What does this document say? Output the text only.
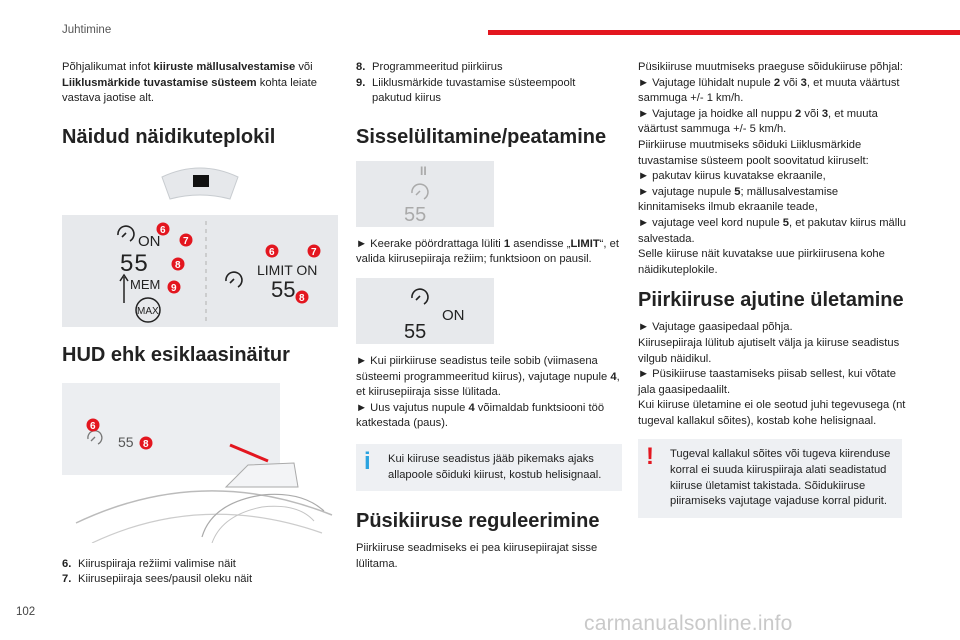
Juhtimine
102	carmanualsonline.info

Põhjalikumat infot kiiruste mällusalvestamise või Liiklusmärkide tuvastamise süsteem kohta leiate vastava jaotise alt.

Näidud näidikuteplokil
ON
55
MEM
MAX
6
7
8
9
LIMIT ON
55
6	7
8
HUD ehk esiklaasinäitur
55
6
8
6. Kiiruspiiraja režiimi valimise näit
7. Kiirusepiiraja sees/pausil oleku näit
8. Programmeeritud piirkiirus
9. Liiklusmärkide tuvastamise süsteempoolt pakutud kiirus
Sisselülitamine/peatamine
II
55

► Keerake pöördrattaga lüliti 1 asendisse „LIMIT“, et valida kiirusepiiraja režiim; funktsioon on pausil.

ON
55

► Kui piirkiiruse seadistus teile sobib (viimasena süsteemi programmeeritud kiirus), vajutage nupule 4, et kiirusepiiraja sisse lülitada.

► Uus vajutus nupule 4 võimaldab funktsiooni töö katkestada (paus).

i	Kui kiiruse seadistus jääb pikemaks ajaks allapoole sõiduki kiirust, kostub helisignaal.

Püsikiiruse reguleerimine

Piirkiiruse seadmiseks ei pea kiirusepiirajat sisse lülitama.

Püsikiiruse muutmiseks praeguse sõidukiiruse põhjal:

► Vajutage lühidalt nupule 2 või 3, et muuta väärtust sammuga +/- 1 km/h.

► Vajutage ja hoidke all nuppu 2 või 3, et muuta väärtust sammuga +/- 5 km/h.

Piirkiiruse muutmiseks sõiduki Liiklusmärkide tuvastamise süsteem poolt soovitatud kiiruselt:

► pakutav kiirus kuvatakse ekraanile,

► vajutage nupule 5; mällusalvestamise kinnitamiseks ilmub ekraanile teade,

► vajutage veel kord nupule 5, et pakutav kiirus mällu salvestada.

Selle kiiruse näit kuvatakse uue piirkiirusena kohe näidikuteplokile.

Piirkiiruse ajutine ületamine

► Vajutage gaasipedaal põhja.

Kiirusepiiraja lülitub ajutiselt välja ja kiiruse seadistus vilgub näidikul.

► Püsikiiruse taastamiseks piisab sellest, kui võtate jala gaasipedaalilt.

Kui kiiruse ületamine ei ole seotud juhi tegevusega (nt tugeval kallakul sõites), kostab kohe helisignaal.

!	Tugeval kallakul sõites või tugeva kiirenduse korral ei suuda kiiruspiiraja alati seadistatud kiiruse ületamist takistada. Sõidukiiruse piiramiseks vajutage vajaduse korral pidurit.
